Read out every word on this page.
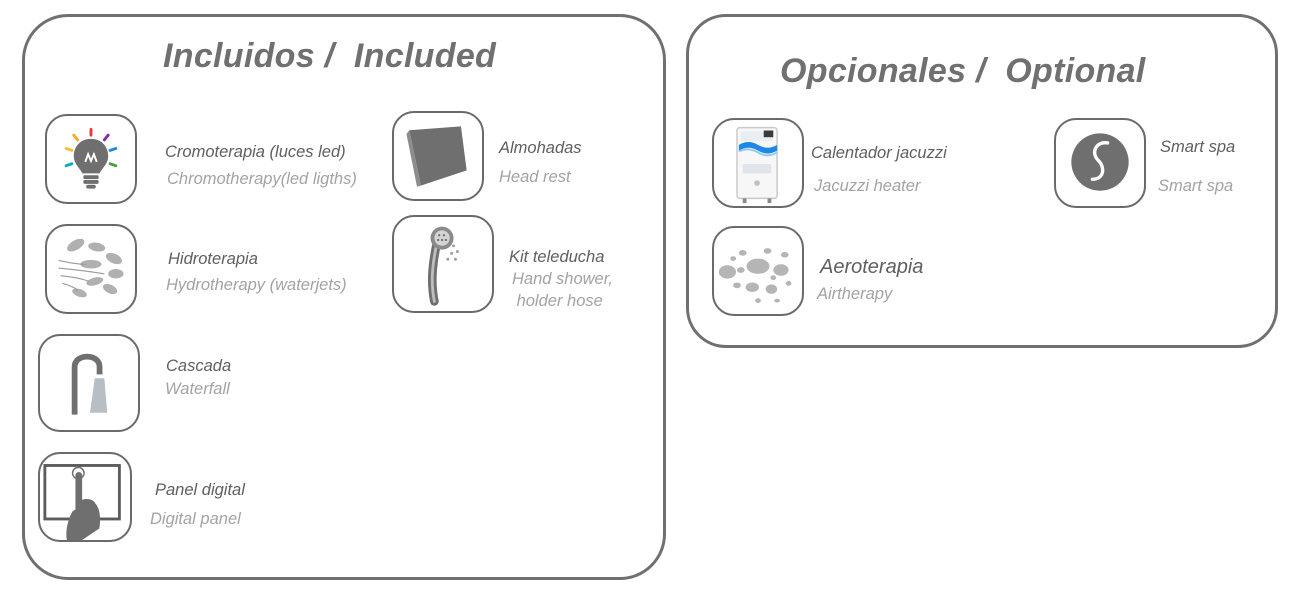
Incluidos /  Included	Opcionales /  Optional
Cromoterapia (luces led)
Chromotherapy(led ligths)
Almohadas
Head rest
Hidroterapia
Hydrotherapy (waterjets)
Kit teleducha
Hand shower,
holder hose
Cascada
Waterfall
Panel digital
Digital panel
Calentador jacuzzi
Jacuzzi heater
Smart spa
Smart spa
Aeroterapia
Airtherapy
